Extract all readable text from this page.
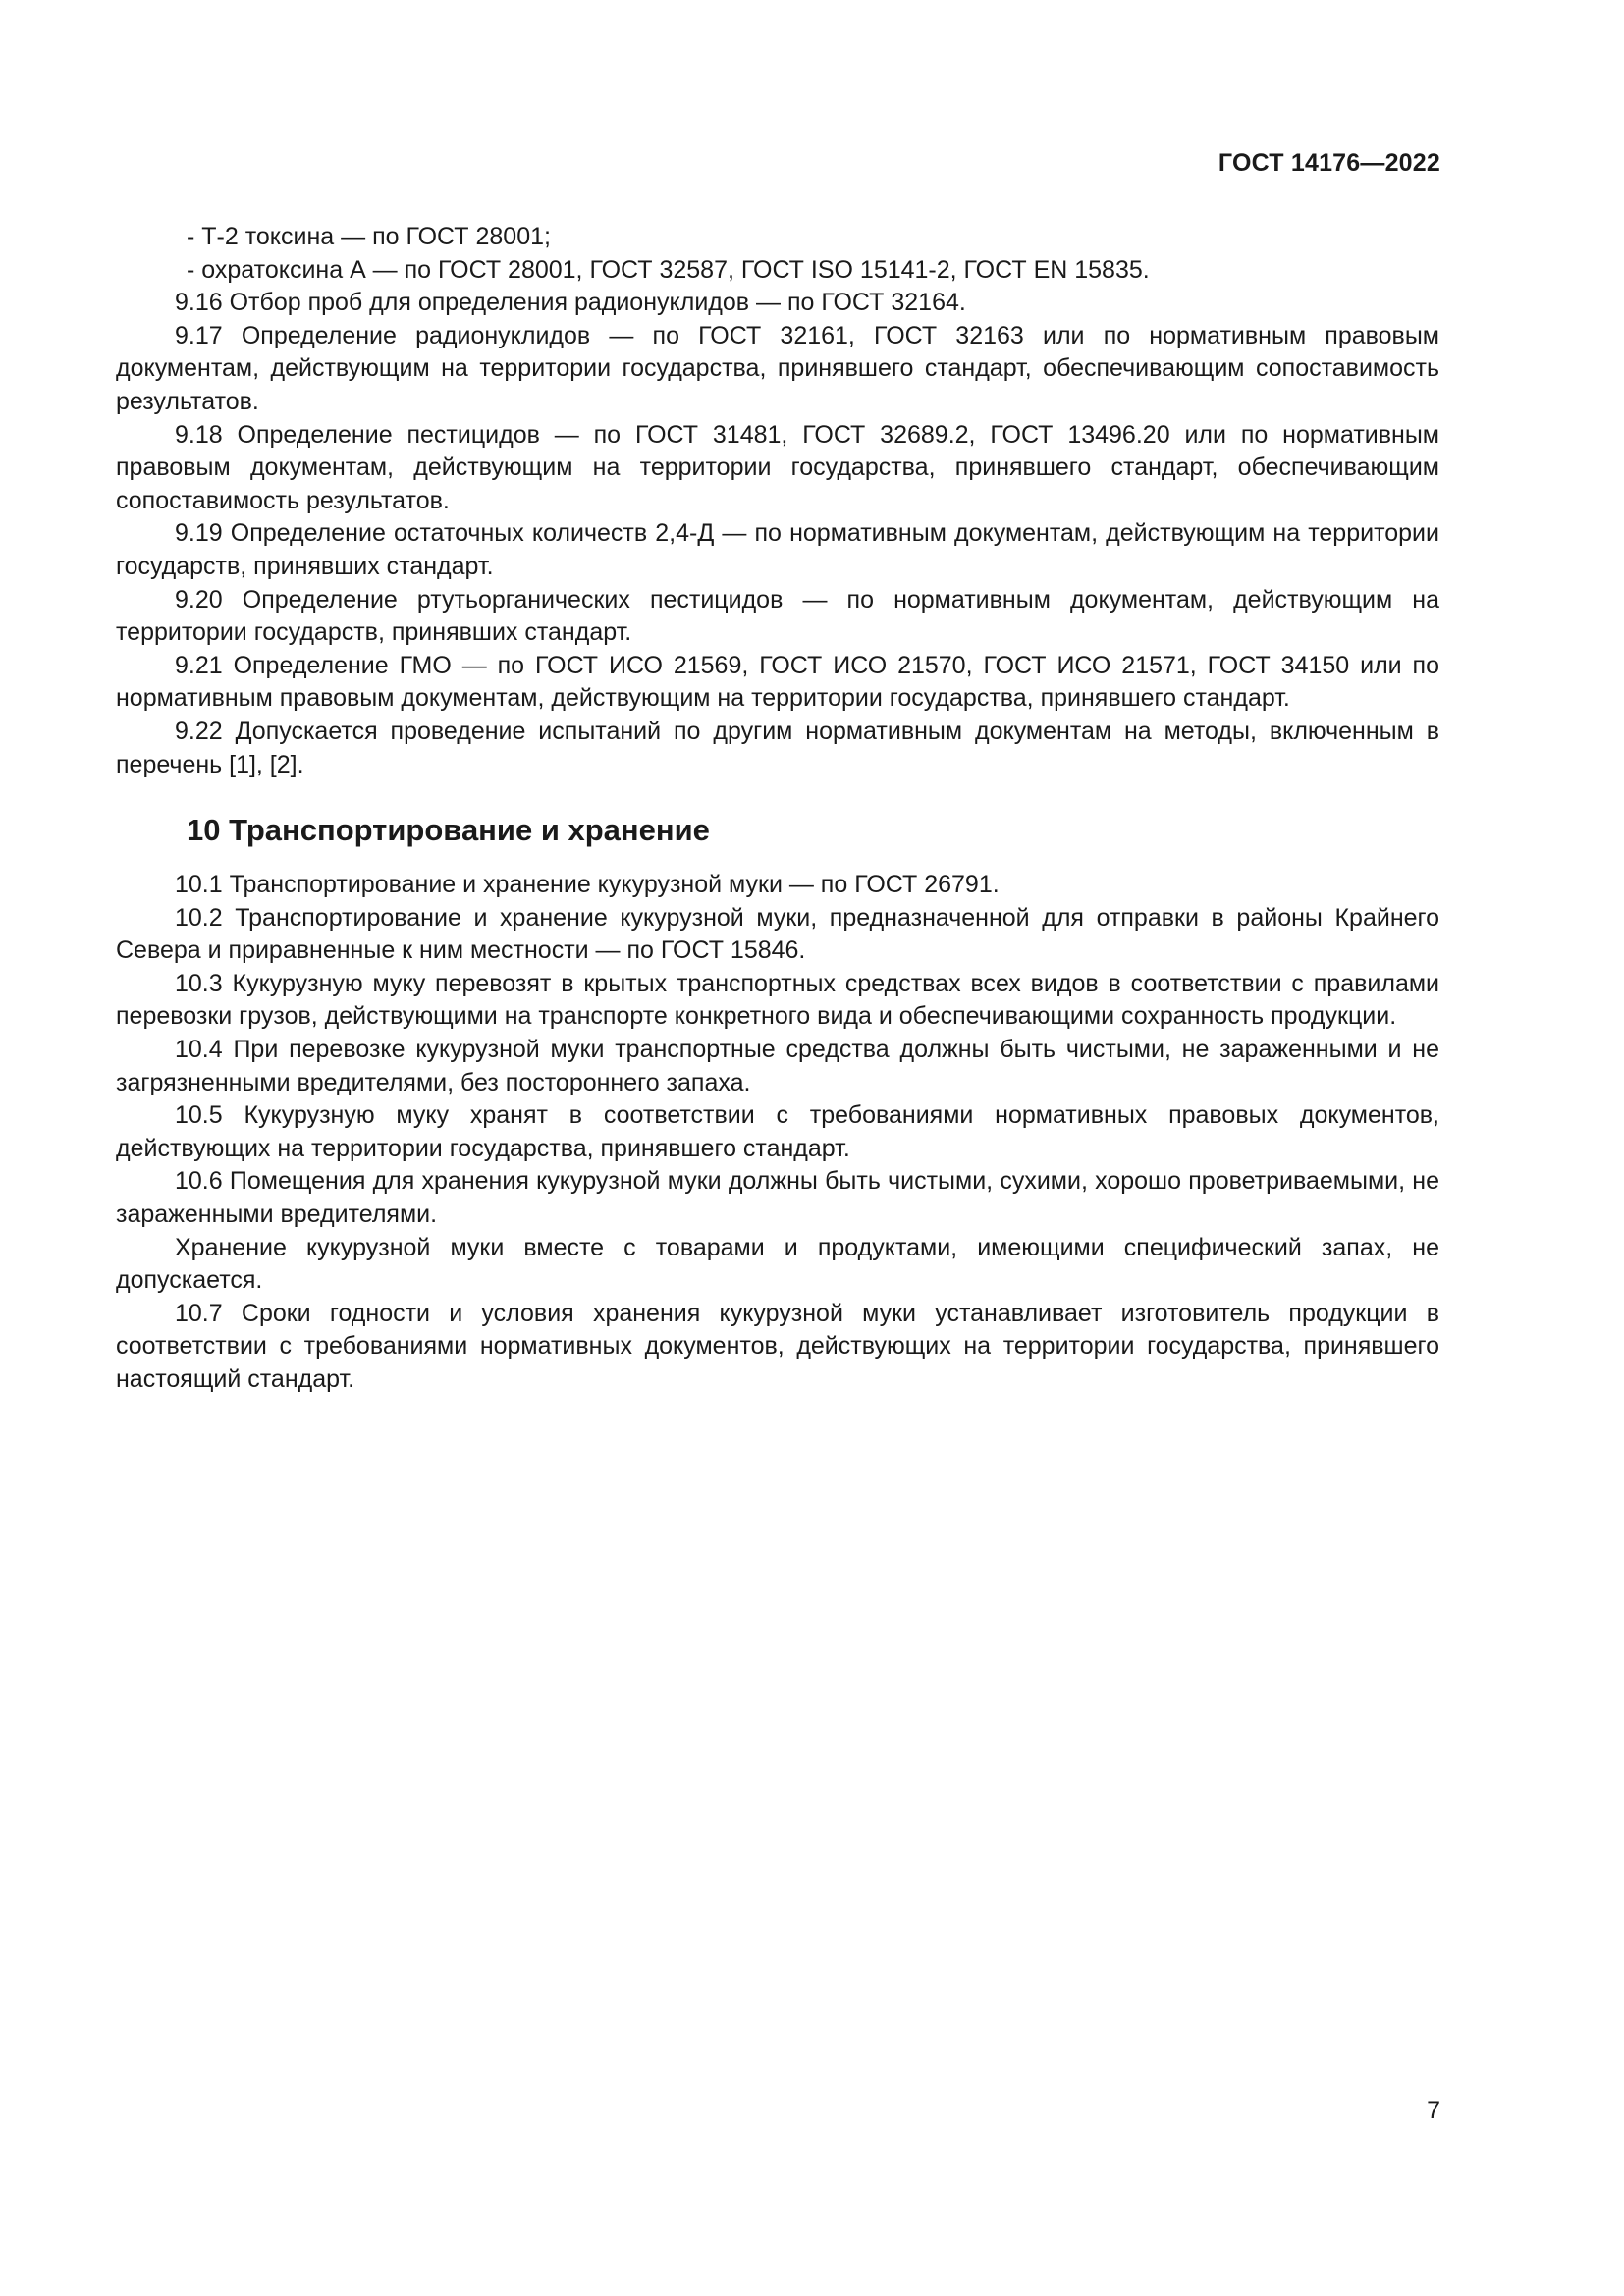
ГОСТ 14176—2022

- Т-2 токсина — по ГОСТ 28001;

- охратоксина А — по ГОСТ 28001, ГОСТ 32587, ГОСТ ISO 15141-2, ГОСТ EN 15835.

9.16 Отбор проб для определения радионуклидов — по ГОСТ 32164.

9.17 Определение радионуклидов — по ГОСТ 32161, ГОСТ 32163 или по нормативным правовым документам, действующим на территории государства, принявшего стандарт, обеспечивающим сопоставимость результатов.

9.18 Определение пестицидов — по ГОСТ 31481, ГОСТ 32689.2, ГОСТ 13496.20 или по нормативным правовым документам, действующим на территории государства, принявшего стандарт, обеспечивающим сопоставимость результатов.

9.19 Определение остаточных количеств 2,4-Д — по нормативным документам, действующим на территории государств, принявших стандарт.

9.20 Определение ртутьорганических пестицидов — по нормативным документам, действующим на территории государств, принявших стандарт.

9.21 Определение ГМО — по ГОСТ ИСО 21569, ГОСТ ИСО 21570, ГОСТ ИСО 21571, ГОСТ 34150 или по нормативным правовым документам, действующим на территории государства, принявшего стандарт.

9.22 Допускается проведение испытаний по другим нормативным документам на методы, включенным в перечень [1], [2].

10 Транспортирование и хранение

10.1 Транспортирование и хранение кукурузной муки — по ГОСТ 26791.

10.2 Транспортирование и хранение кукурузной муки, предназначенной для отправки в районы Крайнего Севера и приравненные к ним местности — по ГОСТ 15846.

10.3 Кукурузную муку перевозят в крытых транспортных средствах всех видов в соответствии с правилами перевозки грузов, действующими на транспорте конкретного вида и обеспечивающими сохранность продукции.

10.4 При перевозке кукурузной муки транспортные средства должны быть чистыми, не зараженными и не загрязненными вредителями, без постороннего запаха.

10.5 Кукурузную муку хранят в соответствии с требованиями нормативных правовых документов, действующих на территории государства, принявшего стандарт.

10.6 Помещения для хранения кукурузной муки должны быть чистыми, сухими, хорошо проветриваемыми, не зараженными вредителями.

Хранение кукурузной муки вместе с товарами и продуктами, имеющими специфический запах, не допускается.

10.7 Сроки годности и условия хранения кукурузной муки устанавливает изготовитель продукции в соответствии с требованиями нормативных документов, действующих на территории государства, принявшего настоящий стандарт.

7
